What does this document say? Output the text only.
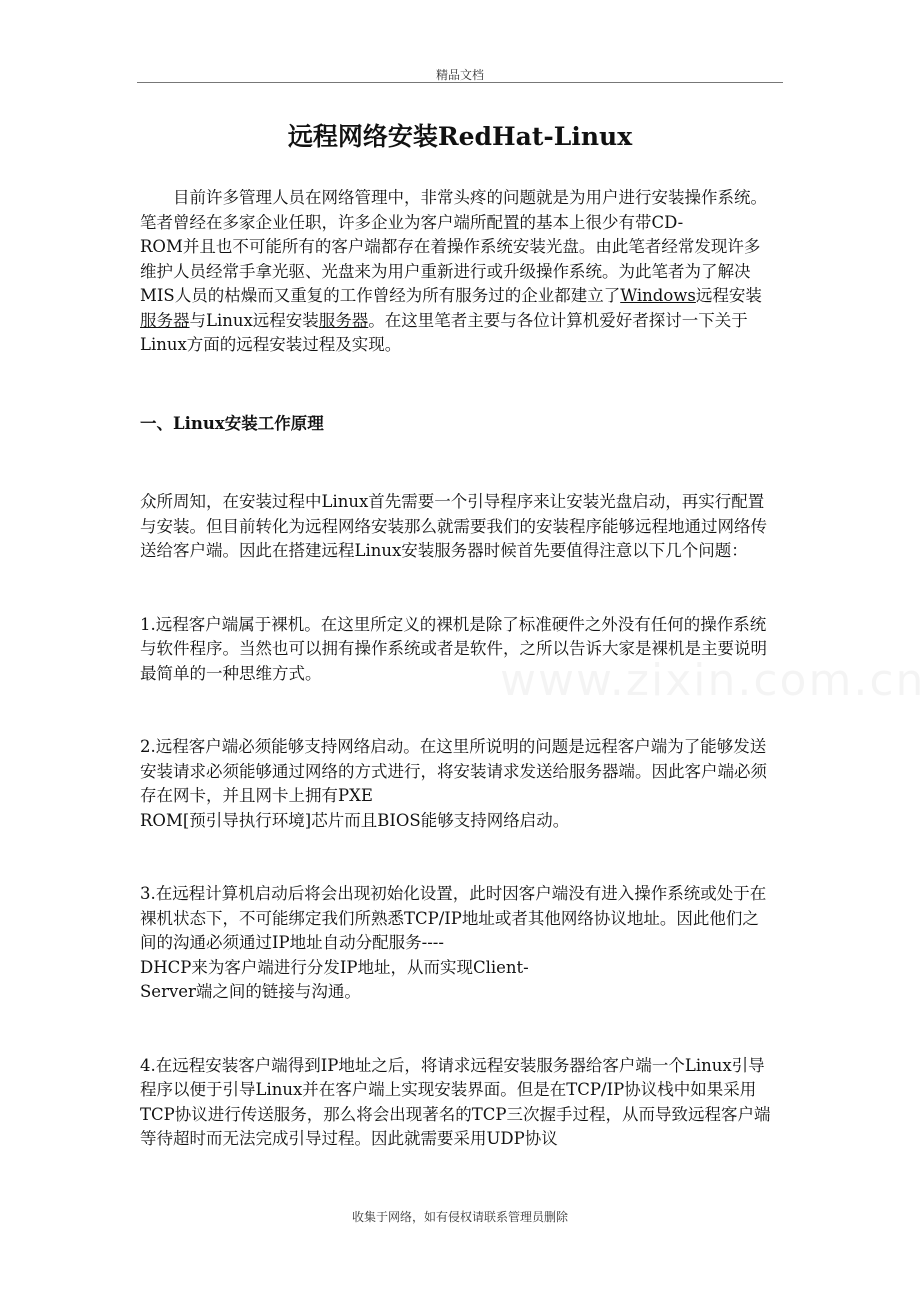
精品文档
远程网络安装RedHat-Linux

目前许多管理人员在网络管理中，非常头疼的问题就是为用户进行安装操作系统。笔者曾经在多家企业任职，许多企业为客户端所配置的基本上很少有带CD-
ROM并且也不可能所有的客户端都存在着操作系统安装光盘。由此笔者经常发现许多维护人员经常手拿光驱、光盘来为用户重新进行或升级操作系统。为此笔者为了解决MIS人员的枯燥而又重复的工作曾经为所有服务过的企业都建立了Windows远程安装服务器与Linux远程安装服务器。在这里笔者主要与各位计算机爱好者探讨一下关于Linux方面的远程安装过程及实现。

一、Linux安装工作原理

众所周知，在安装过程中Linux首先需要一个引导程序来让安装光盘启动，再实行配置与安装。但目前转化为远程网络安装那么就需要我们的安装程序能够远程地通过网络传送给客户端。因此在搭建远程Linux安装服务器时候首先要值得注意以下几个问题：

1.远程客户端属于裸机。在这里所定义的裸机是除了标准硬件之外没有任何的操作系统与软件程序。当然也可以拥有操作系统或者是软件，之所以告诉大家是裸机是主要说明最简单的一种思维方式。

2.远程客户端必须能够支持网络启动。在这里所说明的问题是远程客户端为了能够发送安装请求必须能够通过网络的方式进行，将安装请求发送给服务器端。因此客户端必须存在网卡，并且网卡上拥有PXE
ROM[预引导执行环境]芯片而且BIOS能够支持网络启动。

3.在远程计算机启动后将会出现初始化设置，此时因客户端没有进入操作系统或处于在裸机状态下，不可能绑定我们所熟悉TCP/IP地址或者其他网络协议地址。因此他们之间的沟通必须通过IP地址自动分配服务----
DHCP来为客户端进行分发IP地址，从而实现Client-
Server端之间的链接与沟通。

4.在远程安装客户端得到IP地址之后，将请求远程安装服务器给客户端一个Linux引导程序以便于引导Linux并在客户端上实现安装界面。但是在TCP/IP协议栈中如果采用TCP协议进行传送服务，那么将会出现著名的TCP三次握手过程，从而导致远程客户端等待超时而无法完成引导过程。因此就需要采用UDP协议

收集于网络，如有侵权请联系管理员删除
